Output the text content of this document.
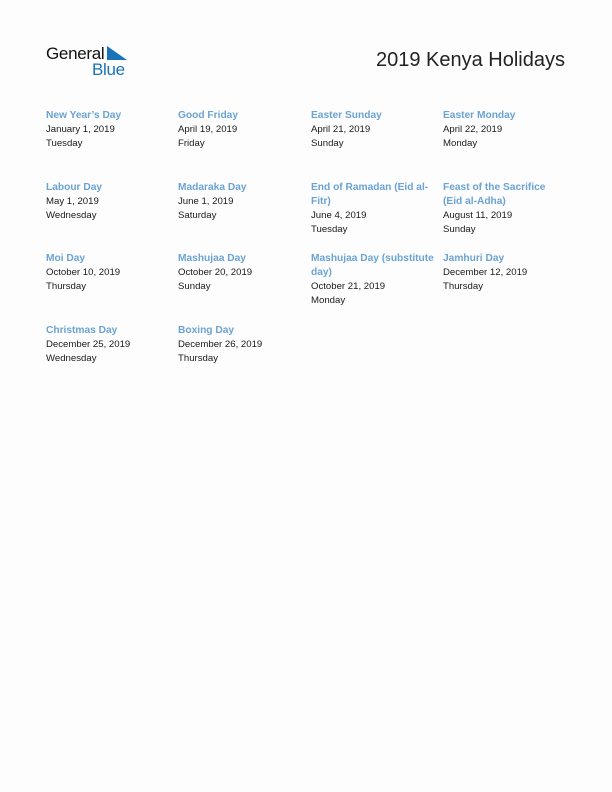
General
Blue	2019 Kenya Holidays
New Year’s Day
January 1, 2019
Tuesday
Good Friday
April 19, 2019
Friday
Easter Sunday
April 21, 2019
Sunday
Easter Monday
April 22, 2019
Monday
Labour Day
May 1, 2019
Wednesday
Madaraka Day
June 1, 2019
Saturday
End of Ramadan (Eid al-Fitr)
June 4, 2019
Tuesday
Feast of the Sacrifice (Eid al-Adha)
August 11, 2019
Sunday
Moi Day
October 10, 2019
Thursday
Mashujaa Day
October 20, 2019
Sunday
Mashujaa Day (substitute day)
October 21, 2019
Monday
Jamhuri Day
December 12, 2019
Thursday
Christmas Day
December 25, 2019
Wednesday
Boxing Day
December 26, 2019
Thursday
